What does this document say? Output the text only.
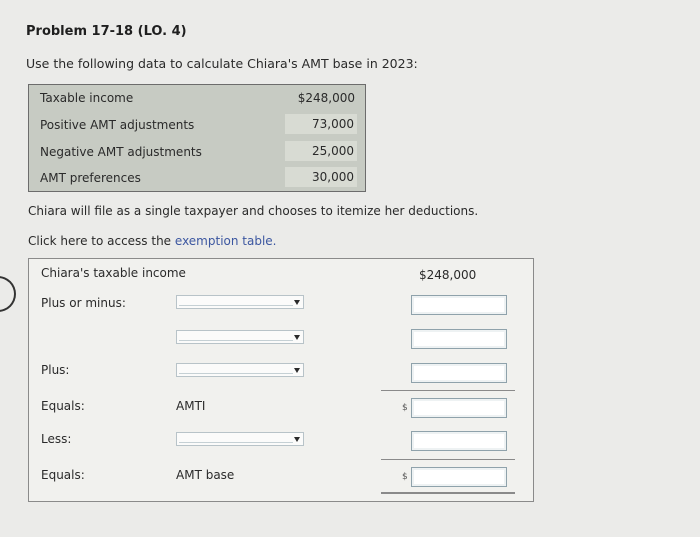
Problem 17-18 (LO. 4)
Use the following data to calculate Chiara's AMT base in 2023:
Taxable income	$248,000
Positive AMT adjustments	73,000
Negative AMT adjustments	25,000
AMT preferences	30,000
Chiara will file as a single taxpayer and chooses to itemize her deductions.
Click here to access the exemption table.
Chiara's taxable income	$248,000
Plus or minus:
Plus:
Equals:	AMTI	$
Less:
Equals:	AMT base	$
